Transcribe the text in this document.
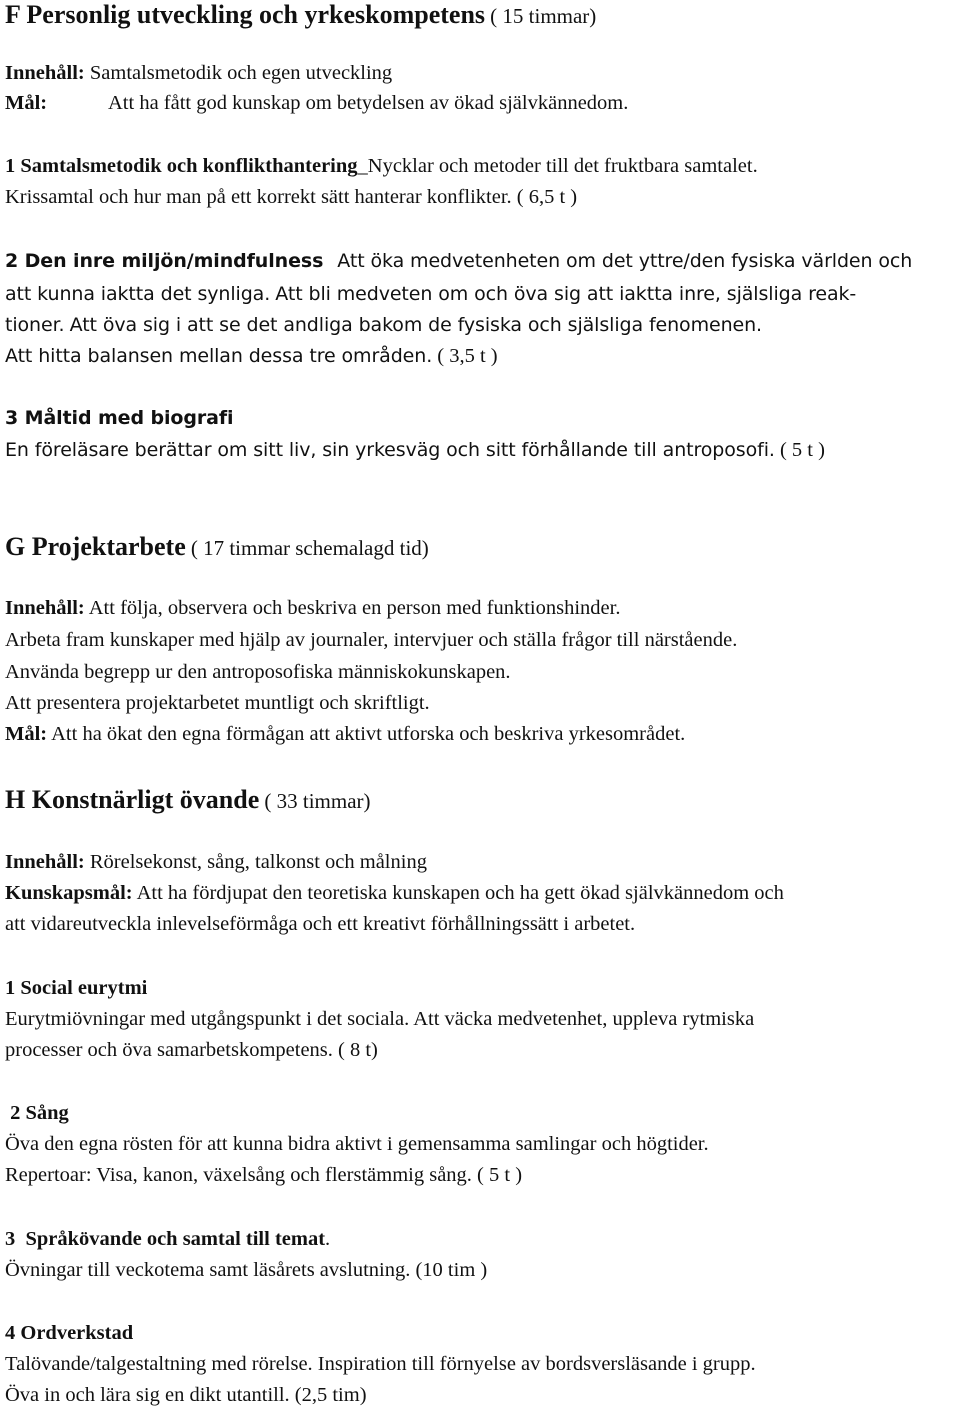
F Personlig utveckling och yrkeskompetens ( 15 timmar)
Innehåll: Samtalsmetodik och egen utveckling
Mål:	Att ha fått god kunskap om betydelsen av ökad självkännedom.
1 Samtalsmetodik och konflikthantering_Nycklar och metoder till det fruktbara samtalet.
Krissamtal och hur man på ett korrekt sätt hanterar konflikter. ( 6,5 t )
2 Den inre miljön/mindfulness Att öka medvetenheten om det yttre/den fysiska världen och
att kunna iaktta det synliga. Att bli medveten om och öva sig att iaktta inre, själsliga reak-
tioner. Att öva sig i att se det andliga bakom de fysiska och själsliga fenomenen.
Att hitta balansen mellan dessa tre områden. ( 3,5 t )
3 Måltid med biografi
En föreläsare berättar om sitt liv, sin yrkesväg och sitt förhållande till antroposofi. ( 5 t )
G Projektarbete ( 17 timmar schemalagd tid)
Innehåll: Att följa, observera och beskriva en person med funktionshinder.
Arbeta fram kunskaper med hjälp av journaler, intervjuer och ställa frågor till närstående.
Använda begrepp ur den antroposofiska människokunskapen.
Att presentera projektarbetet muntligt och skriftligt.
Mål: Att ha ökat den egna förmågan att aktivt utforska och beskriva yrkesområdet.
H Konstnärligt övande ( 33 timmar)
Innehåll: Rörelsekonst, sång, talkonst och målning
Kunskapsmål: Att ha fördjupat den teoretiska kunskapen och ha gett ökad självkännedom och
att vidareutveckla inlevelseförmåga och ett kreativt förhållningssätt i arbetet.
1 Social eurytmi
Eurytmiövningar med utgångspunkt i det sociala. Att väcka medvetenhet, uppleva rytmiska
processer och öva samarbetskompetens. ( 8 t)
2 Sång
Öva den egna rösten för att kunna bidra aktivt i gemensamma samlingar och högtider.
Repertoar: Visa, kanon, växelsång och flerstämmig sång. ( 5 t )
3  Språkövande och samtal till temat.
Övningar till veckotema samt läsårets avslutning. (10 tim )
4 Ordverkstad
Talövande/talgestaltning med rörelse. Inspiration till förnyelse av bordsversläsande i grupp.
Öva in och lära sig en dikt utantill. (2,5 tim)
